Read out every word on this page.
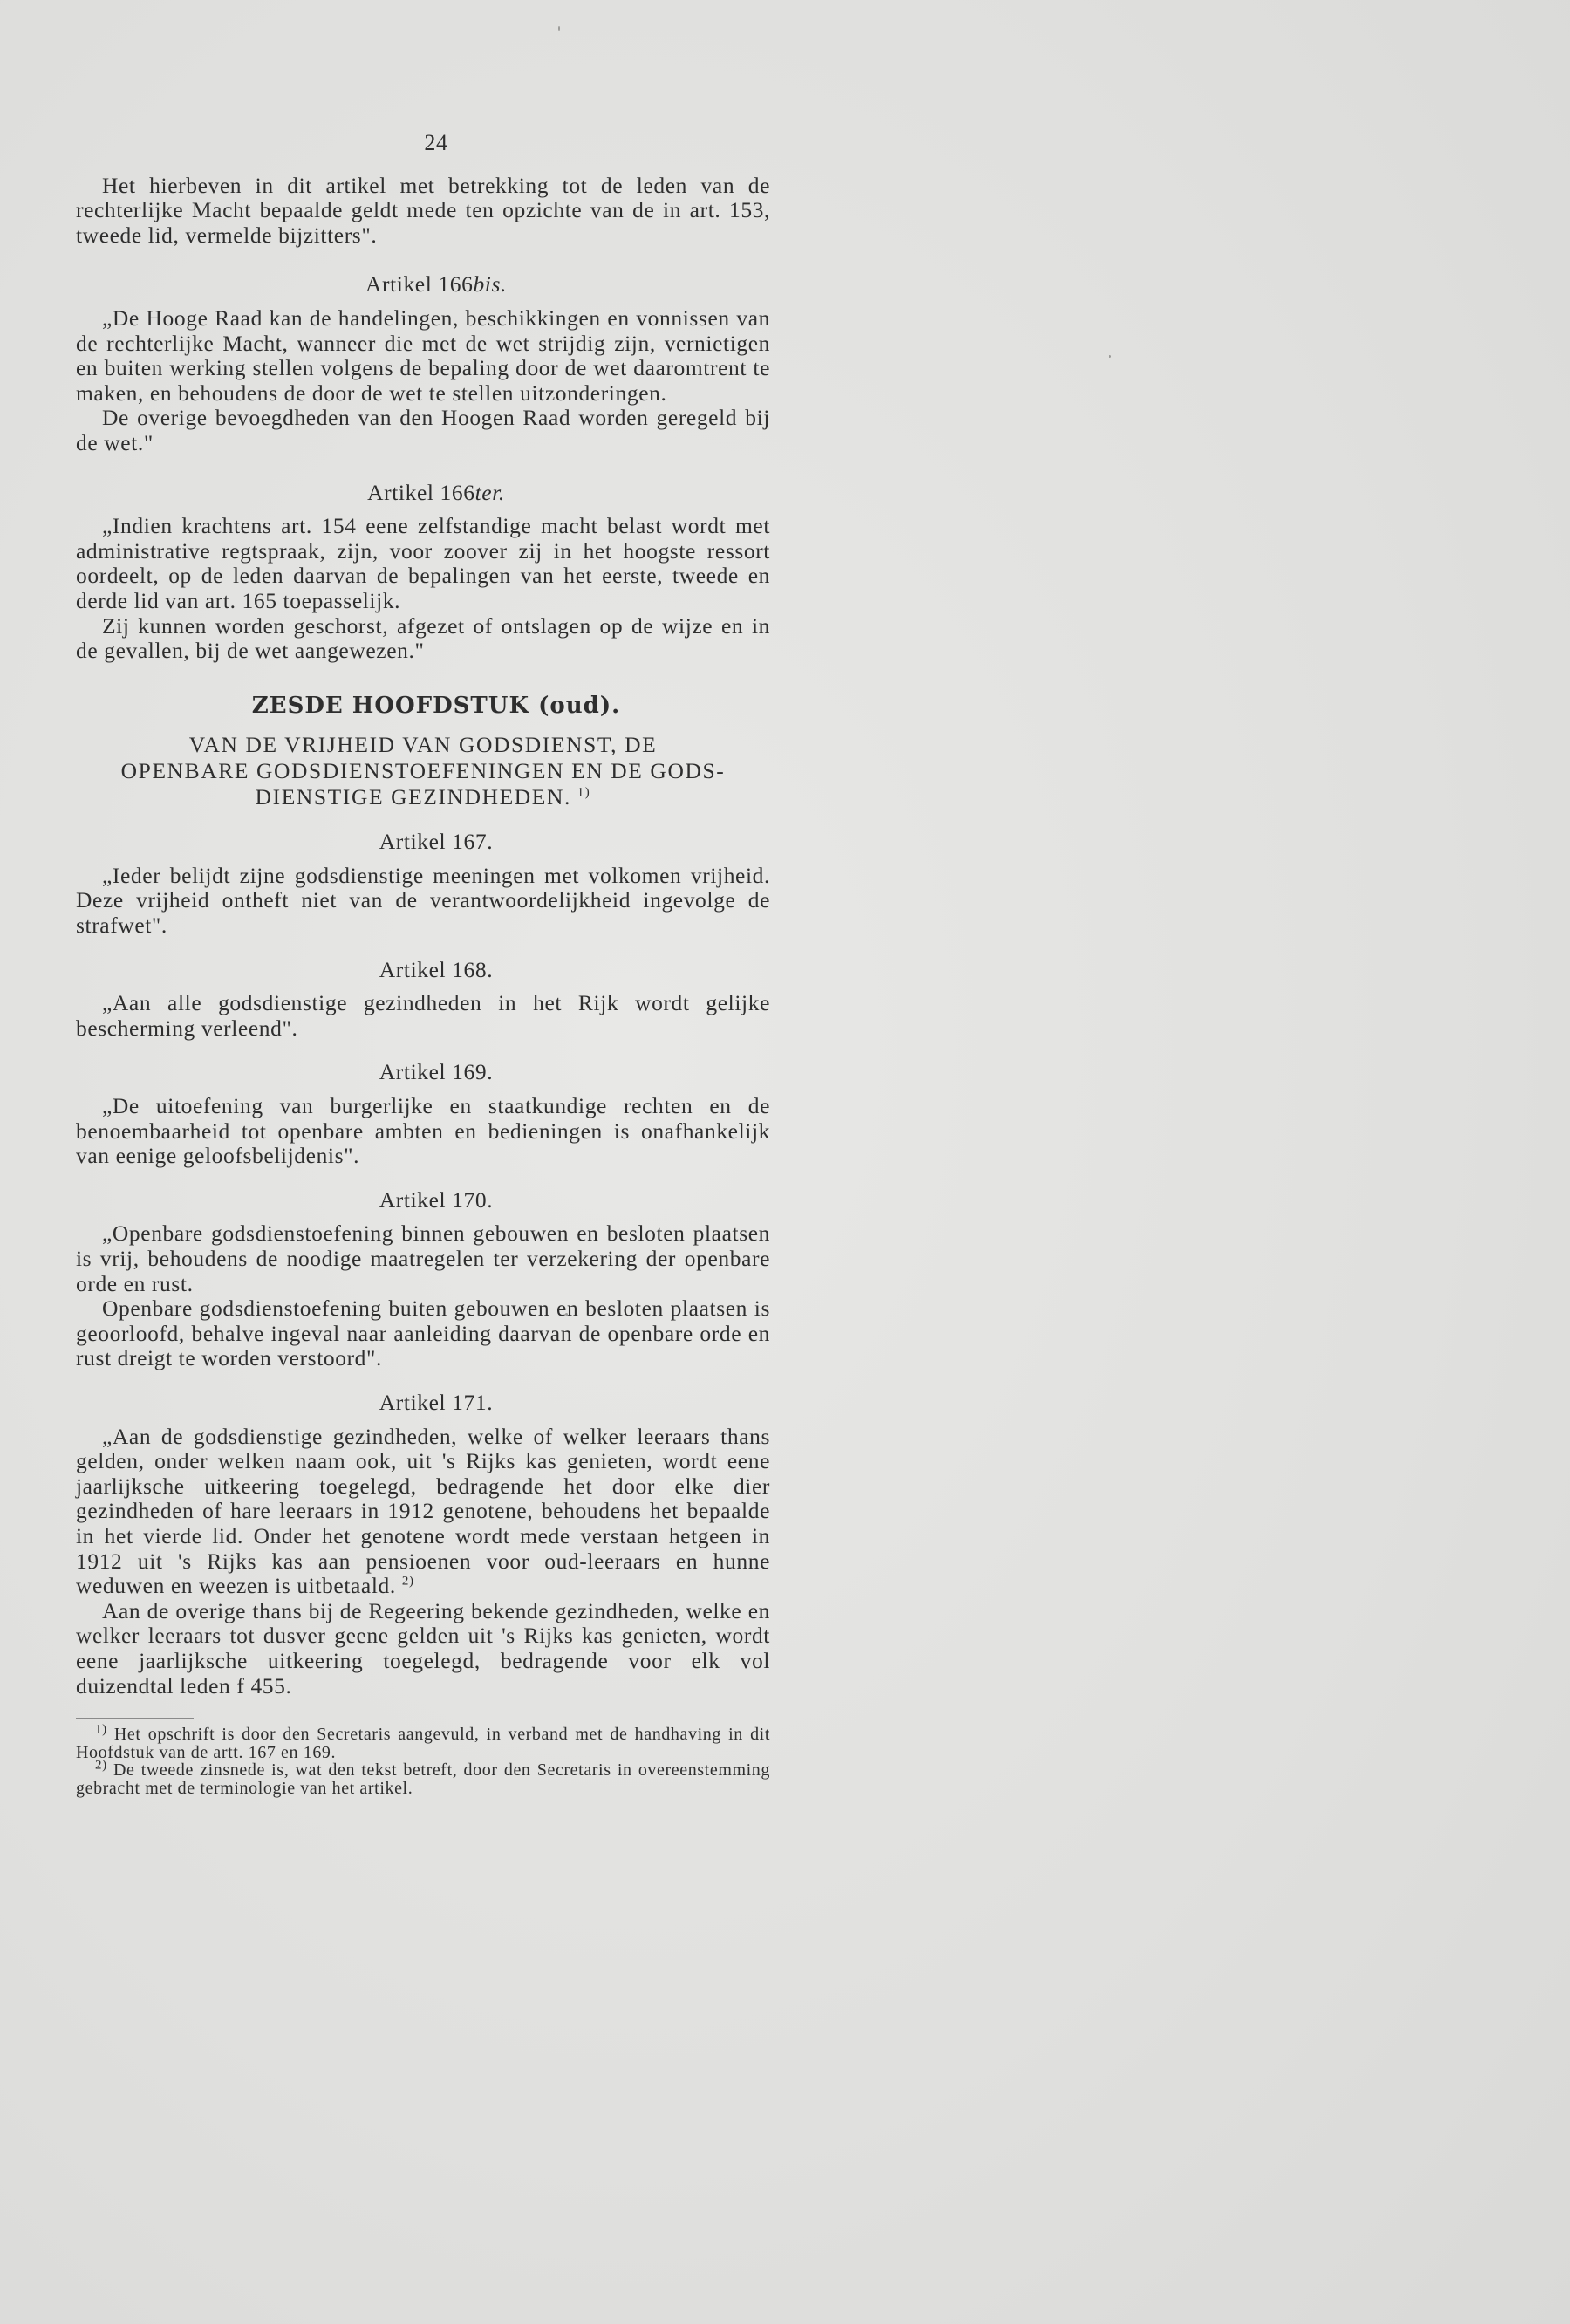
24

Het hierbeven in dit artikel met betrekking tot de leden van de rechterlijke Macht bepaalde geldt mede ten opzichte van de in art. 153, tweede lid, vermelde bijzitters".

Artikel 166bis.

„De Hooge Raad kan de handelingen, beschikkingen en vonnissen van de rechterlijke Macht, wanneer die met de wet strijdig zijn, vernietigen en buiten werking stellen volgens de bepaling door de wet daaromtrent te maken, en behoudens de door de wet te stellen uitzonderingen.

De overige bevoegdheden van den Hoogen Raad worden geregeld bij de wet."

Artikel 166ter.

„Indien krachtens art. 154 eene zelfstandige macht belast wordt met administrative regtspraak, zijn, voor zoover zij in het hoogste ressort oordeelt, op de leden daarvan de bepalingen van het eerste, tweede en derde lid van art. 165 toepasselijk.

Zij kunnen worden geschorst, afgezet of ontslagen op de wijze en in de gevallen, bij de wet aangewezen."

ZESDE HOOFDSTUK (oud).
VAN DE VRIJHEID VAN GODSDIENST, DE
OPENBARE GODSDIENSTOEFENINGEN EN DE GODS-
DIENSTIGE GEZINDHEDEN.  $^{1)}$
Artikel 167.

„Ieder belijdt zijne godsdienstige meeningen met volkomen vrijheid. Deze vrijheid ontheft niet van de verantwoordelijkheid ingevolge de strafwet".

Artikel 168.

„Aan alle godsdienstige gezindheden in het Rijk wordt gelijke bescherming verleend".

Artikel 169.

„De uitoefening van burgerlijke en staatkundige rechten en de benoembaarheid tot openbare ambten en bedieningen is onafhankelijk van eenige geloofsbelijdenis".

Artikel 170.

„Openbare godsdienstoefening binnen gebouwen en besloten plaatsen is vrij, behoudens de noodige maatregelen ter verzekering der openbare orde en rust.

Openbare godsdienstoefening buiten gebouwen en besloten plaatsen is geoorloofd, behalve ingeval naar aanleiding daarvan de openbare orde en rust dreigt te worden verstoord".

Artikel 171.

„Aan de godsdienstige gezindheden, welke of welker leeraars thans gelden, onder welken naam ook, uit 's Rijks kas genieten, wordt eene jaarlijksche uitkeering toegelegd, bedragende het door elke dier gezindheden of hare leeraars in 1912 genotene, behoudens het bepaalde in het vierde lid. Onder het genotene wordt mede verstaan hetgeen in 1912 uit 's Rijks kas aan pensioenen voor oud-leeraars en hunne weduwen en weezen is uitbetaald. $^{2)}$

Aan de overige thans bij de Regeering bekende gezindheden, welke en welker leeraars tot dusver geene gelden uit 's Rijks kas genieten, wordt eene jaarlijksche uitkeering toegelegd, bedragende voor elk vol duizendtal leden f 455.

$^{1)}$ Het opschrift is door den Secretaris aangevuld, in verband met de handhaving in dit Hoofdstuk van de artt. 167 en 169.

$^{2)}$ De tweede zinsnede is, wat den tekst betreft, door den Secretaris in overeenstemming gebracht met de terminologie van het artikel.
